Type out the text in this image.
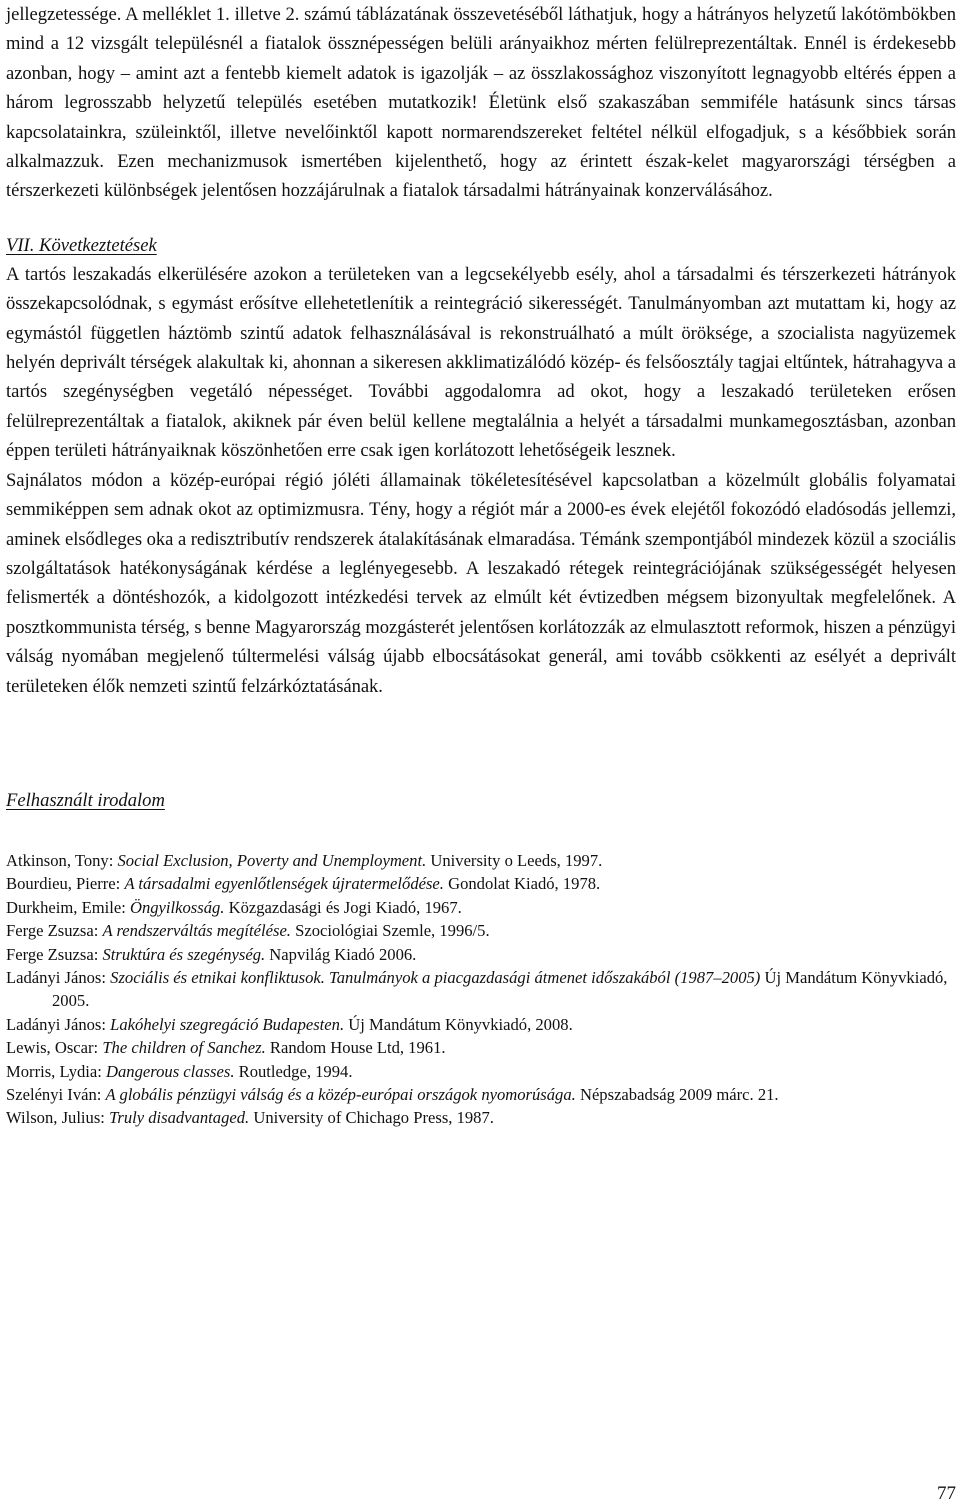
jellegzetessége. A melléklet 1. illetve 2. számú táblázatának összevetéséből láthatjuk, hogy a hátrányos helyzetű lakótömbökben mind a 12 vizsgált településnél a fiatalok össznépességen belüli arányaikhoz mérten felülreprezentáltak. Ennél is érdekesebb azonban, hogy – amint azt a fentebb kiemelt adatok is igazolják – az összlakossághoz viszonyított legnagyobb eltérés éppen a három legrosszabb helyzetű település esetében mutatkozik! Életünk első szakaszában semmiféle hatásunk sincs társas kapcsolatainkra, szüleinktől, illetve nevelőinktől kapott normarendszereket feltétel nélkül elfogadjuk, s a későbbiek során alkalmazzuk. Ezen mechanizmusok ismertében kijelenthető, hogy az érintett észak-kelet magyarországi térségben a térszerkezeti különbségek jelentősen hozzájárulnak a fiatalok társadalmi hátrányainak konzerválásához.

VII. Következtetések

A tartós leszakadás elkerülésére azokon a területeken van a legcsekélyebb esély, ahol a társadalmi és térszerkezeti hátrányok összekapcsolódnak, s egymást erősítve ellehetetlenítik a reintegráció sikerességét. Tanulmányomban azt mutattam ki, hogy az egymástól független háztömb szintű adatok felhasználásával is rekonstruálható a múlt öröksége, a szocialista nagyüzemek helyén deprivált térségek alakultak ki, ahonnan a sikeresen akklimatizálódó közép- és felsőosztály tagjai eltűntek, hátrahagyva a tartós szegénységben vegetáló népességet. További aggodalomra ad okot, hogy a leszakadó területeken erősen felülreprezentáltak a fiatalok, akiknek pár éven belül kellene megtalálnia a helyét a társadalmi munkamegosztásban, azonban éppen területi hátrányaiknak köszönhetően erre csak igen korlátozott lehetőségeik lesznek.

Sajnálatos módon a közép-európai régió jóléti államainak tökéletesítésével kapcsolatban a közelmúlt globális folyamatai semmiképpen sem adnak okot az optimizmusra. Tény, hogy a régiót már a 2000-es évek elejétől fokozódó eladósodás jellemzi, aminek elsődleges oka a redisztributív rendszerek átalakításának elmaradása. Témánk szempontjából mindezek közül a szociális szolgáltatások hatékonyságának kérdése a leglényegesebb. A leszakadó rétegek reintegrációjának szükségességét helyesen felismerték a döntéshozók, a kidolgozott intézkedési tervek az elmúlt két évtizedben mégsem bizonyultak megfelelőnek. A posztkommunista térség, s benne Magyarország mozgásterét jelentősen korlátozzák az elmulasztott reformok, hiszen a pénzügyi válság nyomában megjelenő túltermelési válság újabb elbocsátásokat generál, ami tovább csökkenti az esélyét a deprivált területeken élők nemzeti szintű felzárkóztatásának.

Felhasznált irodalom
Atkinson, Tony: Social Exclusion, Poverty and Unemployment. University o Leeds, 1997.
Bourdieu, Pierre: A társadalmi egyenlőtlenségek újratermelődése. Gondolat Kiadó, 1978.
Durkheim, Emile: Öngyilkosság. Közgazdasági és Jogi Kiadó, 1967.
Ferge Zsuzsa: A rendszerváltás megítélése. Szociológiai Szemle, 1996/5.
Ferge Zsuzsa: Struktúra és szegénység. Napvilág Kiadó 2006.
Ladányi János: Szociális és etnikai konfliktusok. Tanulmányok a piacgazdasági átmenet időszakából (1987–2005) Új Mandátum Könyvkiadó, 2005.
Ladányi János: Lakóhelyi szegregáció Budapesten. Új Mandátum Könyvkiadó, 2008.
Lewis, Oscar: The children of Sanchez. Random House Ltd, 1961.
Morris, Lydia: Dangerous classes. Routledge, 1994.
Szelényi Iván: A globális pénzügyi válság és a közép-európai országok nyomorúsága. Népszabadság 2009 márc. 21.
Wilson, Julius: Truly disadvantaged. University of Chichago Press, 1987.
77
